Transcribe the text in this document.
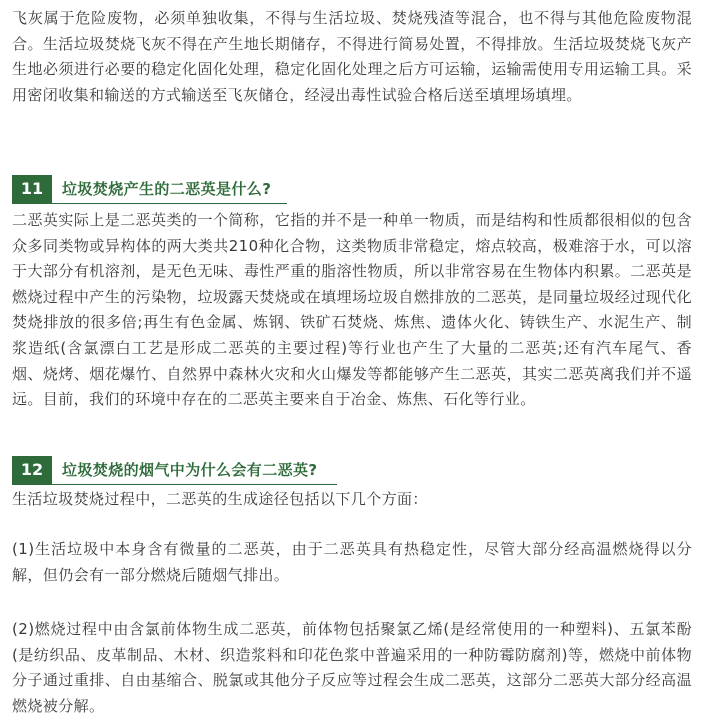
飞灰属于危险废物，必须单独收集，不得与生活垃圾、焚烧残渣等混合，也不得与其他危险废物混合。生活垃圾焚烧飞灰不得在产生地长期储存，不得进行简易处置，不得排放。生活垃圾焚烧飞灰产生地必须进行必要的稳定化固化处理，稳定化固化处理之后方可运输，运输需使用专用运输工具。采用密闭收集和输送的方式输送至飞灰储仓，经浸出毒性试验合格后送至填埋场填埋。

11	垃圾焚烧产生的二恶英是什么?

二恶英实际上是二恶英类的一个简称，它指的并不是一种单一物质，而是结构和性质都很相似的包含众多同类物或异构体的两大类共210种化合物，这类物质非常稳定，熔点较高，极难溶于水，可以溶于大部分有机溶剂，是无色无味、毒性严重的脂溶性物质，所以非常容易在生物体内积累。二恶英是燃烧过程中产生的污染物，垃圾露天焚烧或在填埋场垃圾自燃排放的二恶英，是同量垃圾经过现代化焚烧排放的很多倍;再生有色金属、炼钢、铁矿石焚烧、炼焦、遗体火化、铸铁生产、水泥生产、制浆造纸(含氯漂白工艺是形成二恶英的主要过程)等行业也产生了大量的二恶英;还有汽车尾气、香烟、烧烤、烟花爆竹、自然界中森林火灾和火山爆发等都能够产生二恶英，其实二恶英离我们并不遥远。目前，我们的环境中存在的二恶英主要来自于冶金、炼焦、石化等行业。

12	垃圾焚烧的烟气中为什么会有二恶英?

生活垃圾焚烧过程中，二恶英的生成途径包括以下几个方面：

(1)生活垃圾中本身含有微量的二恶英，由于二恶英具有热稳定性，尽管大部分经高温燃烧得以分解，但仍会有一部分燃烧后随烟气排出。

(2)燃烧过程中由含氯前体物生成二恶英，前体物包括聚氯乙烯(是经常使用的一种塑料)、五氯苯酚(是纺织品、皮革制品、木材、织造浆料和印花色浆中普遍采用的一种防霉防腐剂)等，燃烧中前体物分子通过重排、自由基缩合、脱氯或其他分子反应等过程会生成二恶英，这部分二恶英大部分经高温燃烧被分解。
